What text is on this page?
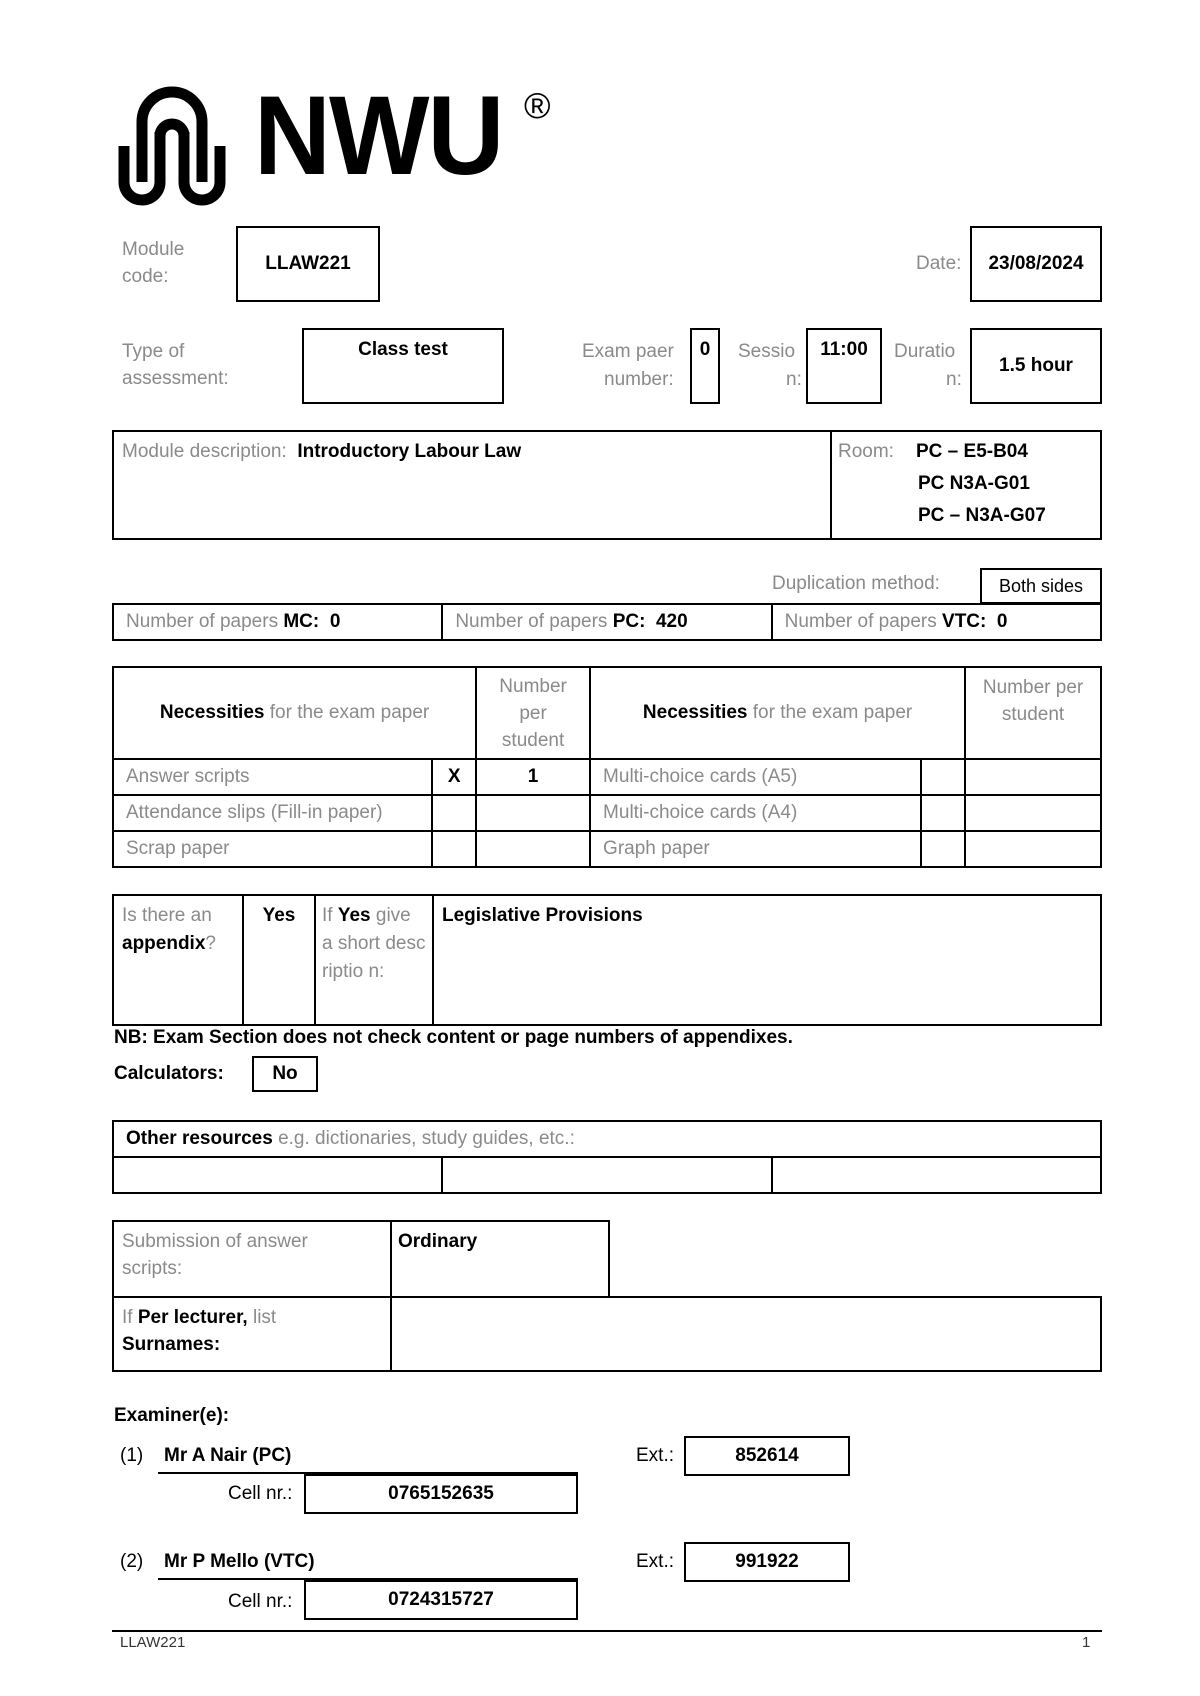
NWU ®
Module code:
LLAW221	Date:	23/08/2024
Type of assessment:
Class test	Exam paer
number:
0	Sessio
n:
11:00	Duratio
n:
1.5 hour
Module description: Introductory Labour Law	Room: PC – E5-B04
PC N3A-G01
PC – N3A-G07
Duplication method:	Both sides
Number of papers MC: 0	Number of papers PC: 420	Number of papers VTC: 0
Necessities for the exam paper		Number per student	Necessities for the exam paper		Number per student
Answer scripts	X	1	Multi-choice cards (A5)		
Attendance slips (Fill-in paper)			Multi-choice cards (A4)		
Scrap paper			Graph paper		
Is there an appendix?	Yes	If Yes give a short descriptio n:	Legislative Provisions
NB: Exam Section does not check content or page numbers of appendixes.
Calculators:	No
Other resources e.g. dictionaries, study guides, etc.:

Submission of answer scripts:
Ordinary
If Per lecturer, list
Surnames:
Examiner(e):
(1) Mr A Nair (PC)	Ext.:	852614
Cell nr.:	0765152635
(2) Mr P Mello (VTC)	Ext.:	991922
Cell nr.:	0724315727
LLAW221	1
